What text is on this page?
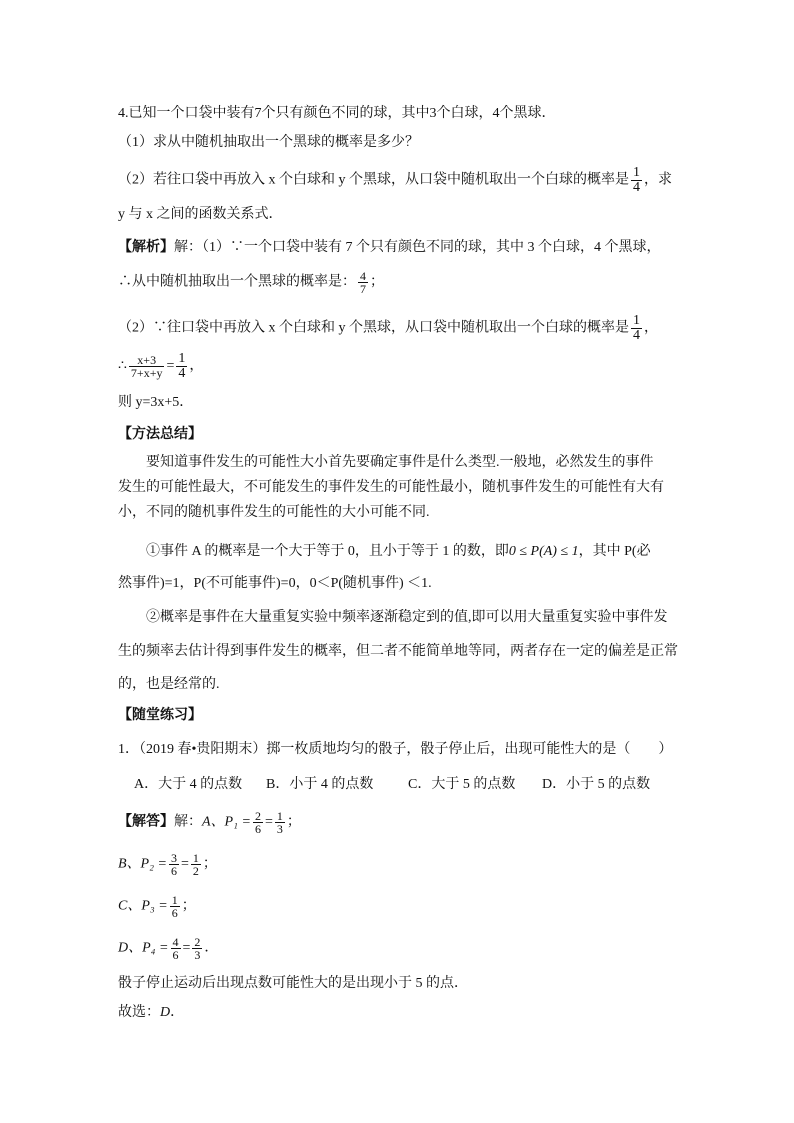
4.已知一个口袋中装有7个只有颜色不同的球，其中3个白球，4个黑球．
（1）求从中随机抽取出一个黑球的概率是多少？
（2）若往口袋中再放入 x 个白球和 y 个黑球，从口袋中随机取出一个白球的概率是 $\frac{1}{4}$ ，求
y 与 x 之间的函数关系式．
【解析】解：（1）∵一个口袋中装有 7 个只有颜色不同的球，其中 3 个白球，4 个黑球，
∴从中随机抽取出一个黑球的概率是： $\frac{4}{7}$ ；
（2）∵往口袋中再放入 x 个白球和 y 个黑球，从口袋中随机取出一个白球的概率是 $\frac{1}{4}$ ，
∴ $\frac{x+3}{7+x+y} = \frac{1}{4}$ ，
则 y=3x+5．
【方法总结】
要知道事件发生的可能性大小首先要确定事件是什么类型.一般地，必然发生的事件
发生的可能性最大，不可能发生的事件发生的可能性最小，随机事件发生的可能性有大有
小，不同的随机事件发生的可能性的大小可能不同.
①事件 A 的概率是一个大于等于 0，且小于等于 1 的数，即0 ≤ P(A) ≤ 1，其中 P(必
然事件)=1，P(不可能事件)=0，0＜P(随机事件) ＜1.
②概率是事件在大量重复实验中频率逐渐稳定到的值,即可以用大量重复实验中事件发
生的频率去估计得到事件发生的概率，但二者不能简单地等同，两者存在一定的偏差是正常
的，也是经常的.
【随堂练习】
1．（2019 春•贵阳期末）掷一枚质地均匀的骰子，骰子停止后，出现可能性大的是（　　）
A．大于 4 的点数 B．小于 4 的点数 C．大于 5 的点数 D．小于 5 的点数
【解答】解：A、$P_1 = \frac{2}{6} = \frac{1}{3}$ ；
B、$P_2 = \frac{3}{6} = \frac{1}{2}$ ；
C、$P_3 = \frac{1}{6}$ ；
D、$P_4 = \frac{4}{6} = \frac{2}{3}$ ．
骰子停止运动后出现点数可能性大的是出现小于 5 的点．
故选：D．
